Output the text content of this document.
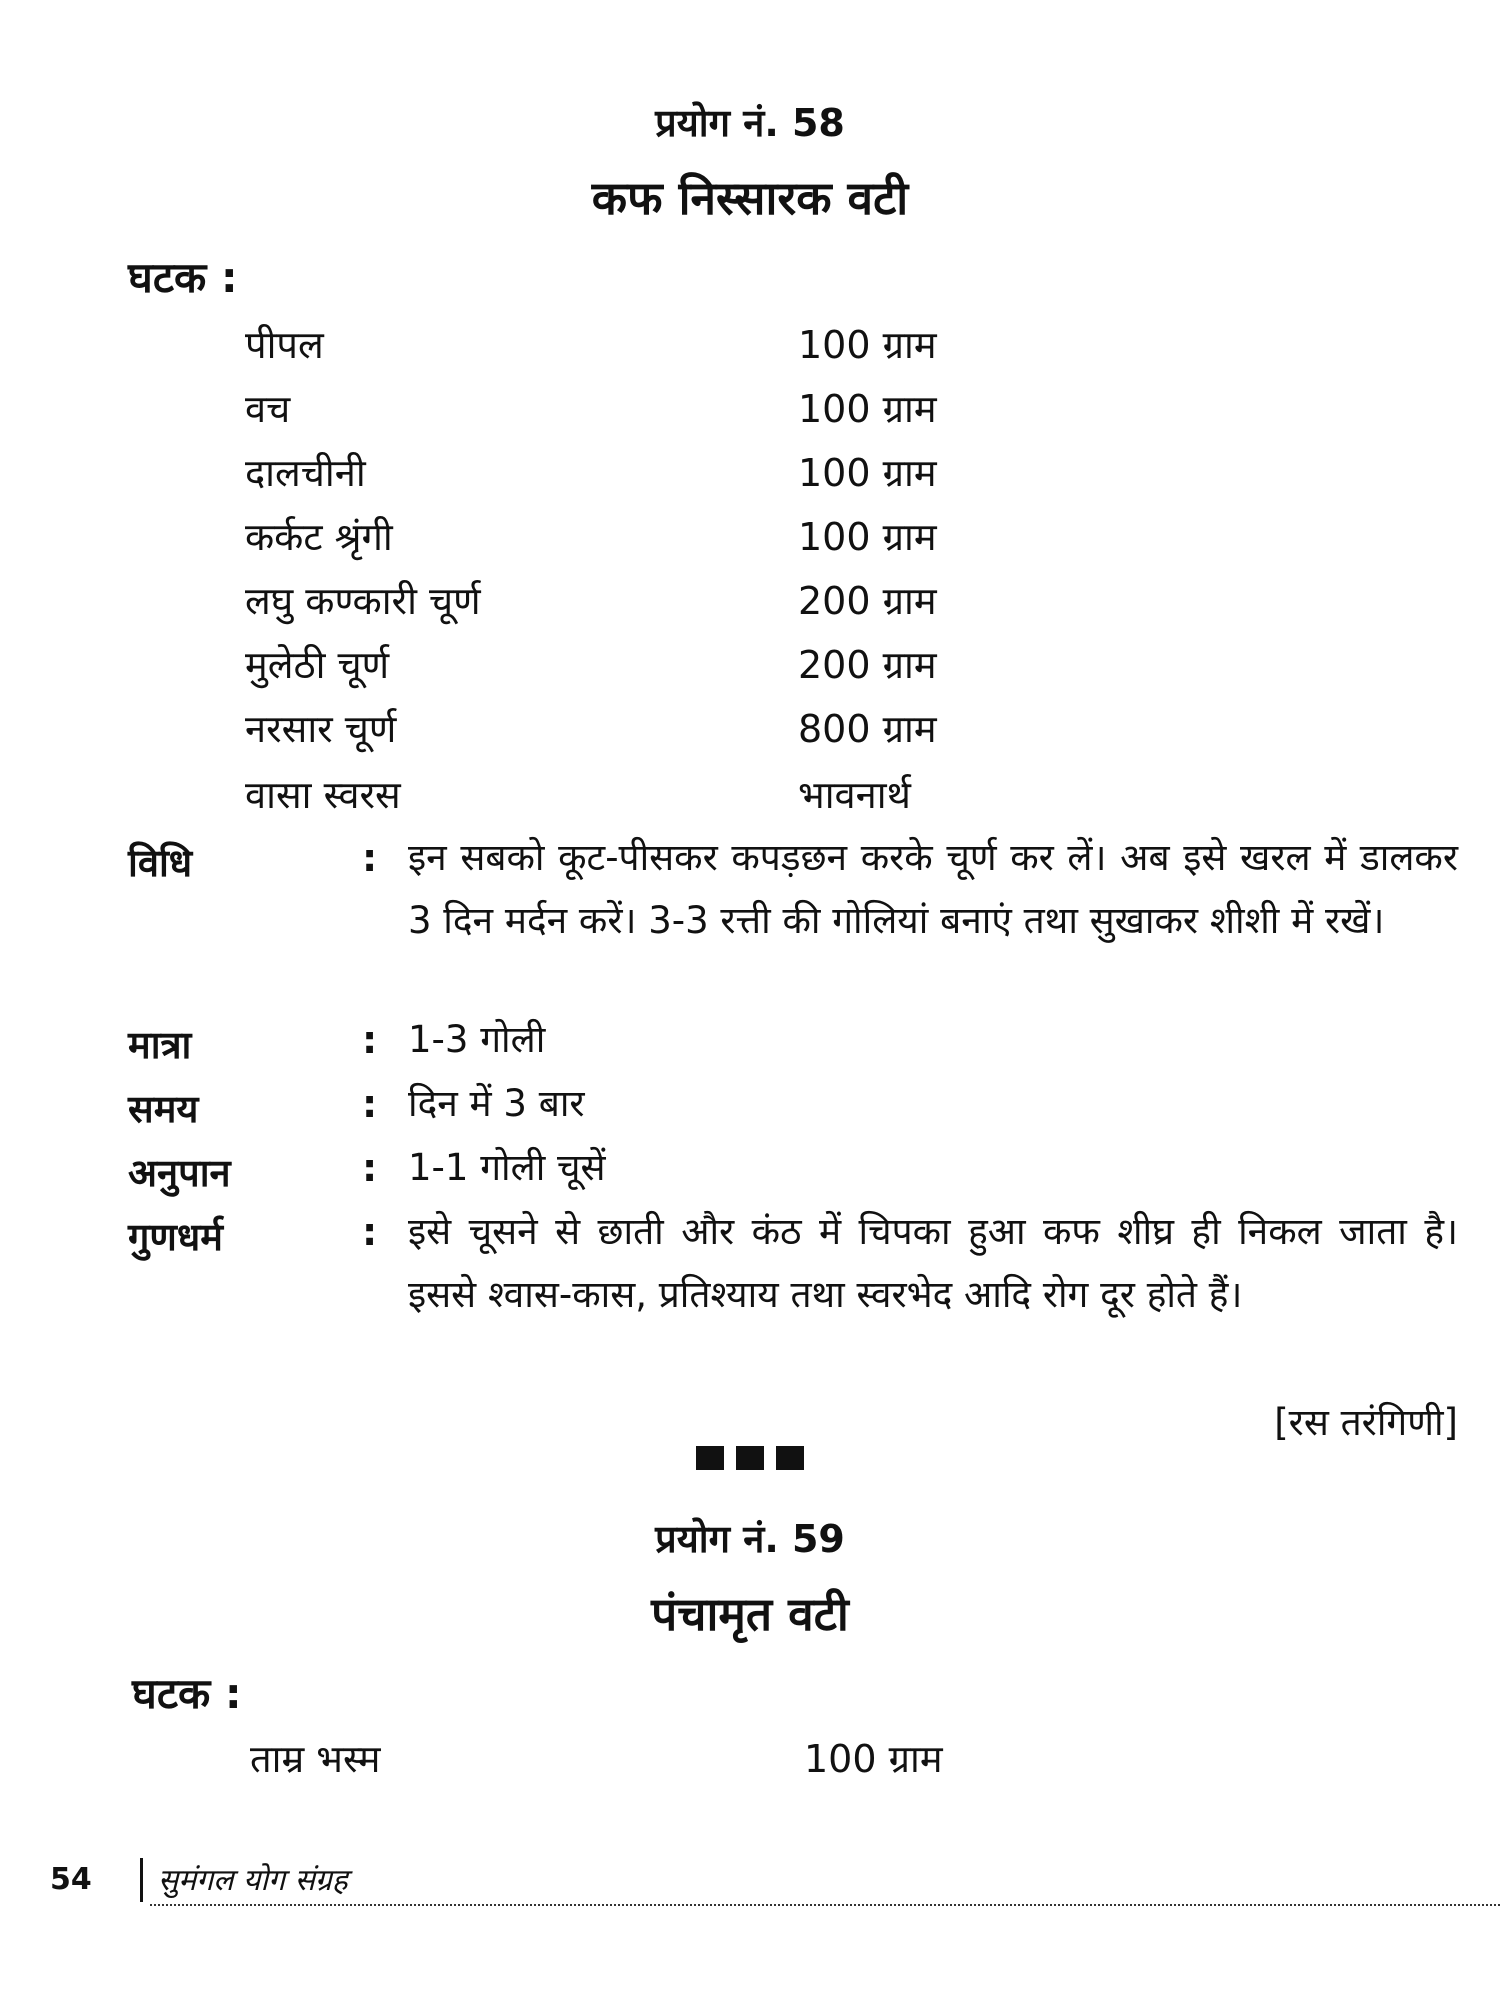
प्रयोग नं. 58
कफ निस्सारक वटी
घटक :
पीपल	100 ग्राम
वच	100 ग्राम
दालचीनी	100 ग्राम
कर्कट श्रृंगी	100 ग्राम
लघु कण्कारी चूर्ण	200 ग्राम
मुलेठी चूर्ण	200 ग्राम
नरसार चूर्ण	800 ग्राम
वासा स्वरस	भावनार्थ
विधि	: इन सबको कूट-पीसकर कपड़छन करके चूर्ण कर लें। अब इसे खरल में डालकर 3 दिन मर्दन करें। 3-3 रत्ती की गोलियां बनाएं तथा सुखाकर शीशी में रखें।
मात्रा	: 1-3 गोली
समय	: दिन में 3 बार
अनुपान	: 1-1 गोली चूसें
गुणधर्म	: इसे चूसने से छाती और कंठ में चिपका हुआ कफ शीघ्र ही निकल जाता है। इससे श्वास-कास, प्रतिश्याय तथा स्वरभेद आदि रोग दूर होते हैं।
[रस तरंगिणी]
प्रयोग नं. 59
पंचामृत वटी
घटक :
ताम्र भस्म	100 ग्राम
54 सुमंगल योग संग्रह
